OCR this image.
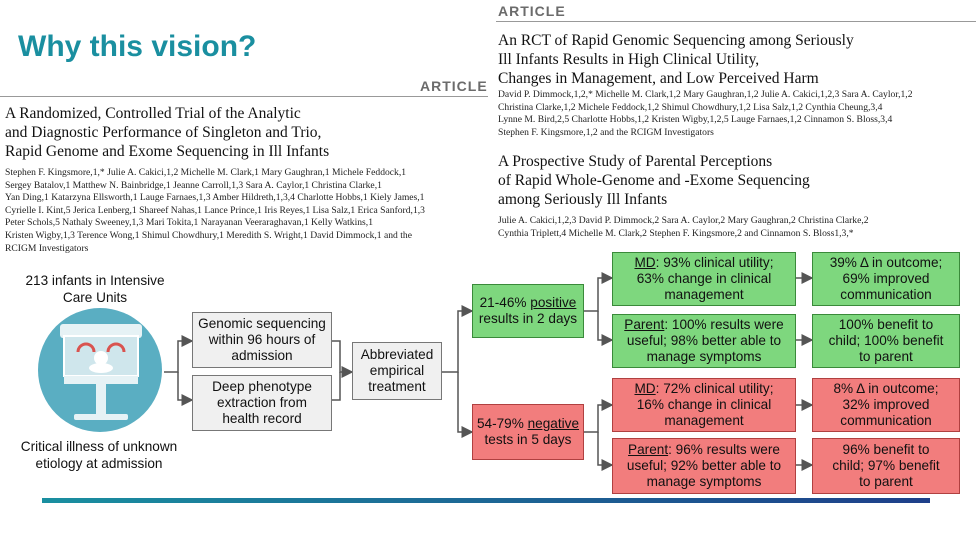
Why this vision?
ARTICLE
A Randomized, Controlled Trial of the Analytic
and Diagnostic Performance of Singleton and Trio,
Rapid Genome and Exome Sequencing in Ill Infants
Stephen F. Kingsmore,1,* Julie A. Cakici,1,2 Michelle M. Clark,1 Mary Gaughran,1 Michele Feddock,1
Sergey Batalov,1 Matthew N. Bainbridge,1 Jeanne Carroll,1,3 Sara A. Caylor,1 Christina Clarke,1
Yan Ding,1 Katarzyna Ellsworth,1 Lauge Farnaes,1,3 Amber Hildreth,1,3,4 Charlotte Hobbs,1 Kiely James,1
Cyrielle I. Kint,5 Jerica Lenberg,1 Shareef Nahas,1 Lance Prince,1 Iris Reyes,1 Lisa Salz,1 Erica Sanford,1,3
Peter Schols,5 Nathaly Sweeney,1,3 Mari Tokita,1 Narayanan Veeraraghavan,1 Kelly Watkins,1
Kristen Wigby,1,3 Terence Wong,1 Shimul Chowdhury,1 Meredith S. Wright,1 David Dimmock,1 and the
RCIGM Investigators
ARTICLE
An RCT of Rapid Genomic Sequencing among Seriously
Ill Infants Results in High Clinical Utility,
Changes in Management, and Low Perceived Harm
David P. Dimmock,1,2,* Michelle M. Clark,1,2 Mary Gaughran,1,2 Julie A. Cakici,1,2,3 Sara A. Caylor,1,2
Christina Clarke,1,2 Michele Feddock,1,2 Shimul Chowdhury,1,2 Lisa Salz,1,2 Cynthia Cheung,3,4
Lynne M. Bird,2,5 Charlotte Hobbs,1,2 Kristen Wigby,1,2,5 Lauge Farnaes,1,2 Cinnamon S. Bloss,3,4
Stephen F. Kingsmore,1,2 and the RCIGM Investigators
A Prospective Study of Parental Perceptions
of Rapid Whole-Genome and -Exome Sequencing
among Seriously Ill Infants
Julie A. Cakici,1,2,3 David P. Dimmock,2 Sara A. Caylor,2 Mary Gaughran,2 Christina Clarke,2
Cynthia Triplett,4 Michelle M. Clark,2 Stephen F. Kingsmore,2 and Cinnamon S. Bloss1,3,*
213 infants in Intensive
Care Units
Critical illness of unknown
etiology at admission
Genomic sequencing
within 96 hours of
admission
Deep phenotype
extraction from
health record
Abbreviated
empirical
treatment
21-46% positive
results in 2 days
54-79% negative
tests in 5 days
MD: 93% clinical utility;
63% change in clinical
management
Parent: 100% results were
useful; 98% better able to
manage symptoms
39% Δ in outcome;
69% improved
communication
100% benefit to
child; 100% benefit
to parent
MD: 72% clinical utility;
16% change in clinical
management
Parent: 96% results were
useful; 92% better able to
manage symptoms
8% Δ in outcome;
32% improved
communication
96% benefit to
child; 97% benefit
to parent
